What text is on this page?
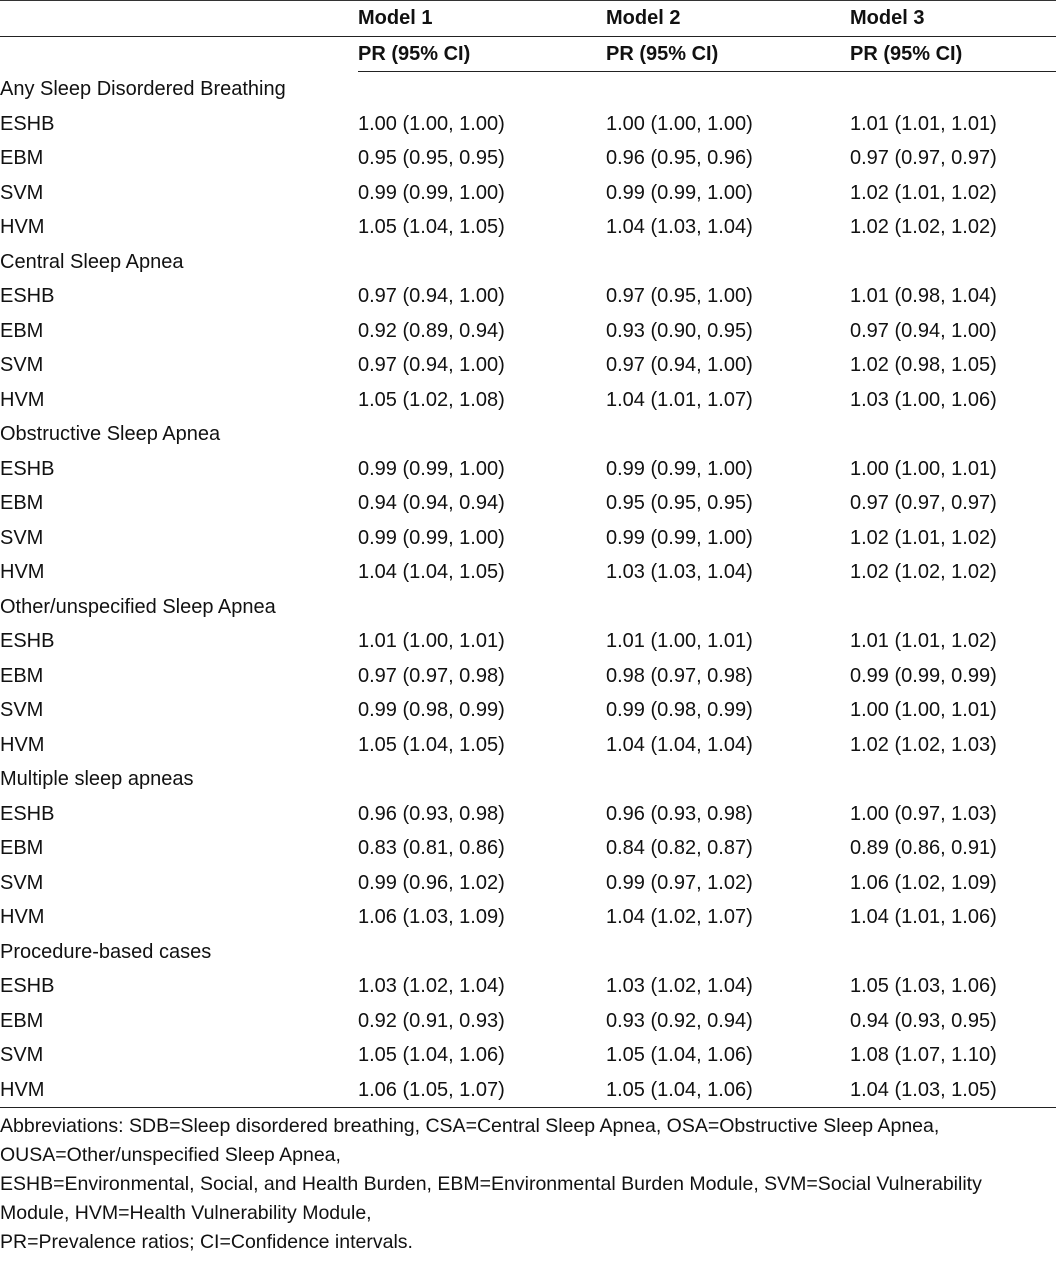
	Model 1	Model 2	Model 3
	PR (95% CI)	PR (95% CI)	PR (95% CI)
Any Sleep Disordered Breathing			
ESHB	1.00 (1.00, 1.00)	1.00 (1.00, 1.00)	1.01 (1.01, 1.01)
EBM	0.95 (0.95, 0.95)	0.96 (0.95, 0.96)	0.97 (0.97, 0.97)
SVM	0.99 (0.99, 1.00)	0.99 (0.99, 1.00)	1.02 (1.01, 1.02)
HVM	1.05 (1.04, 1.05)	1.04 (1.03, 1.04)	1.02 (1.02, 1.02)
Central Sleep Apnea			
ESHB	0.97 (0.94, 1.00)	0.97 (0.95, 1.00)	1.01 (0.98, 1.04)
EBM	0.92 (0.89, 0.94)	0.93 (0.90, 0.95)	0.97 (0.94, 1.00)
SVM	0.97 (0.94, 1.00)	0.97 (0.94, 1.00)	1.02 (0.98, 1.05)
HVM	1.05 (1.02, 1.08)	1.04 (1.01, 1.07)	1.03 (1.00, 1.06)
Obstructive Sleep Apnea			
ESHB	0.99 (0.99, 1.00)	0.99 (0.99, 1.00)	1.00 (1.00, 1.01)
EBM	0.94 (0.94, 0.94)	0.95 (0.95, 0.95)	0.97 (0.97, 0.97)
SVM	0.99 (0.99, 1.00)	0.99 (0.99, 1.00)	1.02 (1.01, 1.02)
HVM	1.04 (1.04, 1.05)	1.03 (1.03, 1.04)	1.02 (1.02, 1.02)
Other/unspecified Sleep Apnea			
ESHB	1.01 (1.00, 1.01)	1.01 (1.00, 1.01)	1.01 (1.01, 1.02)
EBM	0.97 (0.97, 0.98)	0.98 (0.97, 0.98)	0.99 (0.99, 0.99)
SVM	0.99 (0.98, 0.99)	0.99 (0.98, 0.99)	1.00 (1.00, 1.01)
HVM	1.05 (1.04, 1.05)	1.04 (1.04, 1.04)	1.02 (1.02, 1.03)
Multiple sleep apneas			
ESHB	0.96 (0.93, 0.98)	0.96 (0.93, 0.98)	1.00 (0.97, 1.03)
EBM	0.83 (0.81, 0.86)	0.84 (0.82, 0.87)	0.89 (0.86, 0.91)
SVM	0.99 (0.96, 1.02)	0.99 (0.97, 1.02)	1.06 (1.02, 1.09)
HVM	1.06 (1.03, 1.09)	1.04 (1.02, 1.07)	1.04 (1.01, 1.06)
Procedure-based cases			
ESHB	1.03 (1.02, 1.04)	1.03 (1.02, 1.04)	1.05 (1.03, 1.06)
EBM	0.92 (0.91, 0.93)	0.93 (0.92, 0.94)	0.94 (0.93, 0.95)
SVM	1.05 (1.04, 1.06)	1.05 (1.04, 1.06)	1.08 (1.07, 1.10)
HVM	1.06 (1.05, 1.07)	1.05 (1.04, 1.06)	1.04 (1.03, 1.05)

Abbreviations: SDB=Sleep disordered breathing, CSA=Central Sleep Apnea, OSA=Obstructive Sleep Apnea, OUSA=Other/unspecified Sleep Apnea,

ESHB=Environmental, Social, and Health Burden, EBM=Environmental Burden Module, SVM=Social Vulnerability Module, HVM=Health Vulnerability Module,

PR=Prevalence ratios; CI=Confidence intervals.
